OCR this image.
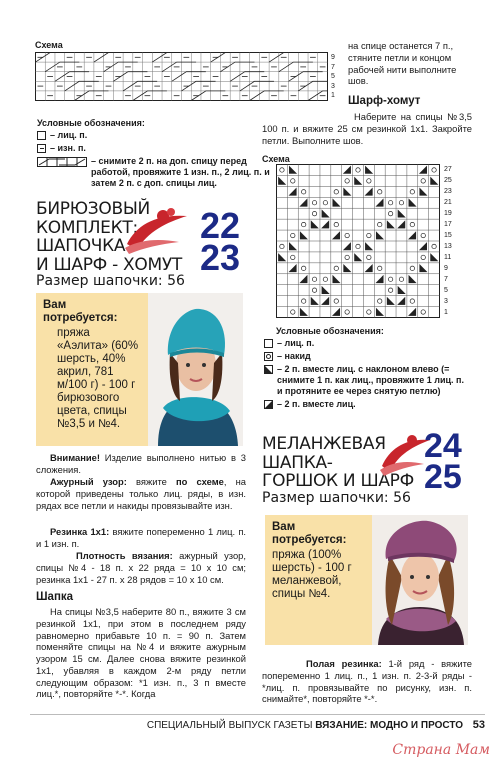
Схема
9
7
5
3
1
Условные обозначения:
– лиц. п.
– изн. п.
– снимите 2 п. на доп. спицу перед работой, провяжите 1 изн. п., 2 лиц. п. и затем 2 п. с доп. спицы лиц.
БИРЮЗОВЫЙ
КОМПЛЕКТ:
ШАПОЧКА
И ШАРФ - ХОМУТ
22
23
Размер шапочки: 56
Вам потребуется:
пряжа «Аэлита» (60% шерсть, 40% акрил, 781 м/100 г) - 100 г бирюзового цвета, спицы №3,5 и №4.
Внимание! Изделие выполнено нитью в 3 сложения.
Ажурный узор: вяжите по схеме, на которой приведены только лиц. ряды, в изн. рядах все петли и накиды провязывайте изн.
Резинка 1х1: вяжите попеременно 1 лиц. п. и 1 изн. п.
Плотность вязания: ажурный узор, спицы №4 - 18 п. х 22 ряда = 10 х 10 см; резинка 1х1 - 27 п. х 28 рядов = 10 х 10 см.
Шапка
На спицы №3,5 наберите 80 п., вяжите 3 см резинкой 1х1, при этом в последнем ряду равномерно прибавьте 10 п. = 90 п. Затем поменяйте спицы на №4 и вяжите ажурным узором 15 см. Далее снова вяжите резинкой 1х1, убавляя в каждом 2-м ряду петли следующим образом: *1 изн. п., 3 п вместе лиц.*, повторяйте *-*. Когда
на спице останется 7 п., стяните петли и концом рабочей нити выполните шов.
Шарф-хомут
Наберите на спицы №3,5 100 п. и вяжите 25 см резинкой 1х1. Закройте петли. Выполните шов.
Схема
27
25
23
21
19
17
15
13
11
9
7
5
3
1
Условные обозначения:
– лиц. п.
– накид
– 2 п. вместе лиц. с наклоном влево (= снимите 1 п. как лиц., провяжите 1 лиц. п. и протяните ее через снятую петлю)
– 2 п. вместе лиц.
МЕЛАНЖЕВАЯ
ШАПКА-
ГОРШОК И ШАРФ
24
25
Размер шапочки: 56
Вам потребуется:
пряжа (100% шерсть) - 100 г меланжевой, спицы №4.
Полая резинка: 1-й ряд - вяжите попеременно 1 лиц. п., 1 изн. п. 2-3-й ряды - *лиц. п. провязывайте по рисунку, изн. п. снимайте*, повторяйте *-*.
СПЕЦИАЛЬНЫЙ ВЫПУСК ГАЗЕТЫ ВЯЗАНИЕ: МОДНО И ПРОСТО 53
Страна Мам
